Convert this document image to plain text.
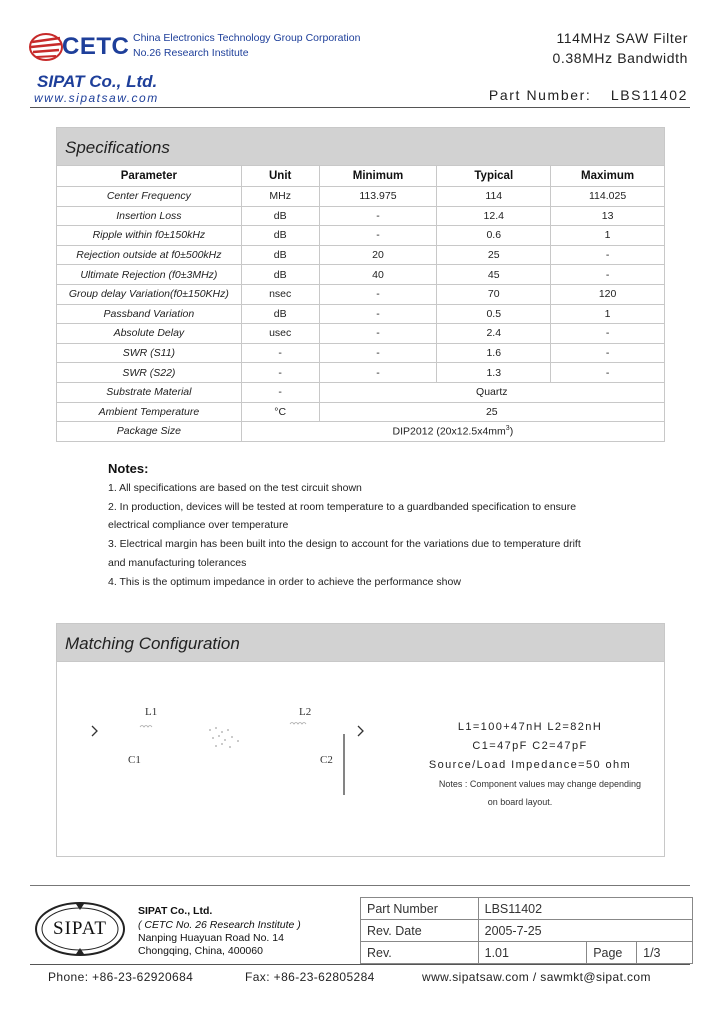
CETC China Electronics Technology Group Corporation
No.26 Research Institute
SIPAT Co., Ltd.
www.sipatsaw.com
114MHz SAW Filter
0.38MHz Bandwidth
Part Number: LBS11402
Specifications
Parameter	Unit	Minimum	Typical	Maximum
Center Frequency	MHz	113.975	114	114.025
Insertion Loss	dB	-	12.4	13
Ripple within f0±150kHz	dB	-	0.6	1
Rejection outside at f0±500kHz	dB	20	25	-
Ultimate Rejection (f0±3MHz)	dB	40	45	-
Group delay Variation(f0±150KHz)	nsec	-	70	120
Passband Variation	dB	-	0.5	1
Absolute Delay	usec	-	2.4	-
SWR (S11)	-	-	1.6	-
SWR (S22)	-	-	1.3	-
Substrate Material	-	Quartz		
Ambient Temperature	°C	25		
Package Size	DIP2012 $(20x12.5x4mm^3)$			
Notes:
1. All specifications are based on the test circuit shown
2. In production, devices will be tested at room temperature to a guardbanded specification to ensure
electrical compliance over temperature
3. Electrical margin has been built into the design to account for the variations due to temperature drift
and manufacturing tolerances
4. This is the optimum impedance in order to achieve the performance show
Matching Configuration
L1	L2
C1	C2
L1=100+47nH L2=82nH
C1=47pF C2=47pF
Source/Load Impedance=50 ohm
Notes : Component values may change depending
on board layout.
SIPAT
SIPAT Co., Ltd.
( CETC No. 26 Research Institute )
Nanping Huayuan Road No. 14
Chongqing, China, 400060
Part Number	LBS11402		
Rev. Date	2005-7-25		
Rev.	1.01	Page	1/3
Phone: +86-23-62920684	Fax: +86-23-62805284	www.sipatsaw.com / sawmkt@sipat.com
